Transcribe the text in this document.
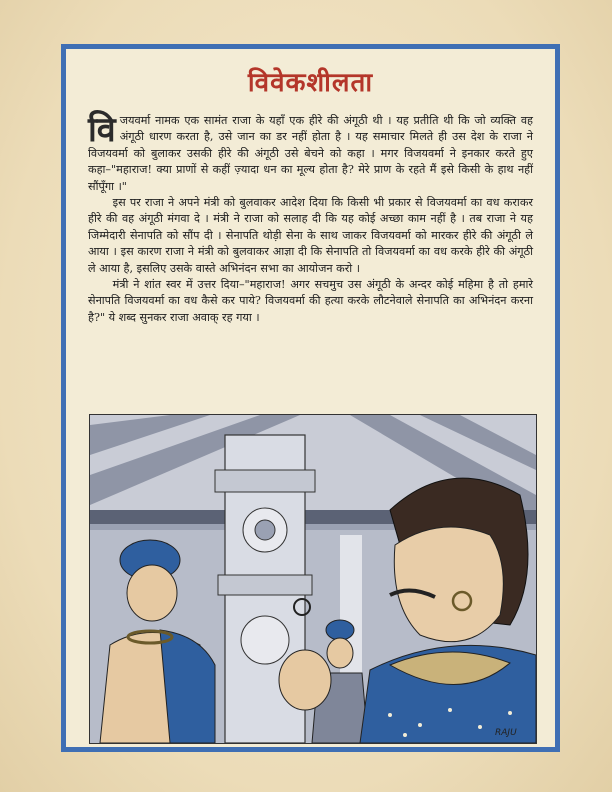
विवेकशीलता

विजयवर्मा नामक एक सामंत राजा के यहाँ एक हीरे की अंगूठी थी । यह प्रतीति थी कि जो व्यक्ति वह अंगूठी धारण करता है, उसे जान का डर नहीं होता है । यह समाचार मिलते ही उस देश के राजा ने विजयवर्मा को बुलाकर उसकी हीरे की अंगूठी उसे बेचने को कहा । मगर विजयवर्मा ने इनकार करते हुए कहा–"महाराज! क्या प्राणों से कहीं ज़्यादा धन का मूल्य होता है? मेरे प्राण के रहते मैं इसे किसी के हाथ नहीं सौंपूँगा ।"

इस पर राजा ने अपने मंत्री को बुलवाकर आदेश दिया कि किसी भी प्रकार से विजयवर्मा का वध कराकर हीरे की वह अंगूठी मंगवा दे । मंत्री ने राजा को सलाह दी कि यह कोई अच्छा काम नहीं है । तब राजा ने यह जिम्मेदारी सेनापति को सौंप दी । सेनापति थोड़ी सेना के साथ जाकर विजयवर्मा को मारकर हीरे की अंगूठी ले आया । इस कारण राजा ने मंत्री को बुलवाकर आज्ञा दी कि सेनापति तो विजयवर्मा का वध करके हीरे की अंगूठी ले आया है, इसलिए उसके वास्ते अभिनंदन सभा का आयोजन करो ।

मंत्री ने शांत स्वर में उत्तर दिया–"महाराज! अगर सचमुच उस अंगूठी के अन्दर कोई महिमा है तो हमारे सेनापति विजयवर्मा का वध कैसे कर पाये? विजयवर्मा की हत्या करके लौटनेवाले सेनापति का अभिनंदन करना है?" ये शब्द सुनकर राजा अवाक् रह गया ।

RAJU
